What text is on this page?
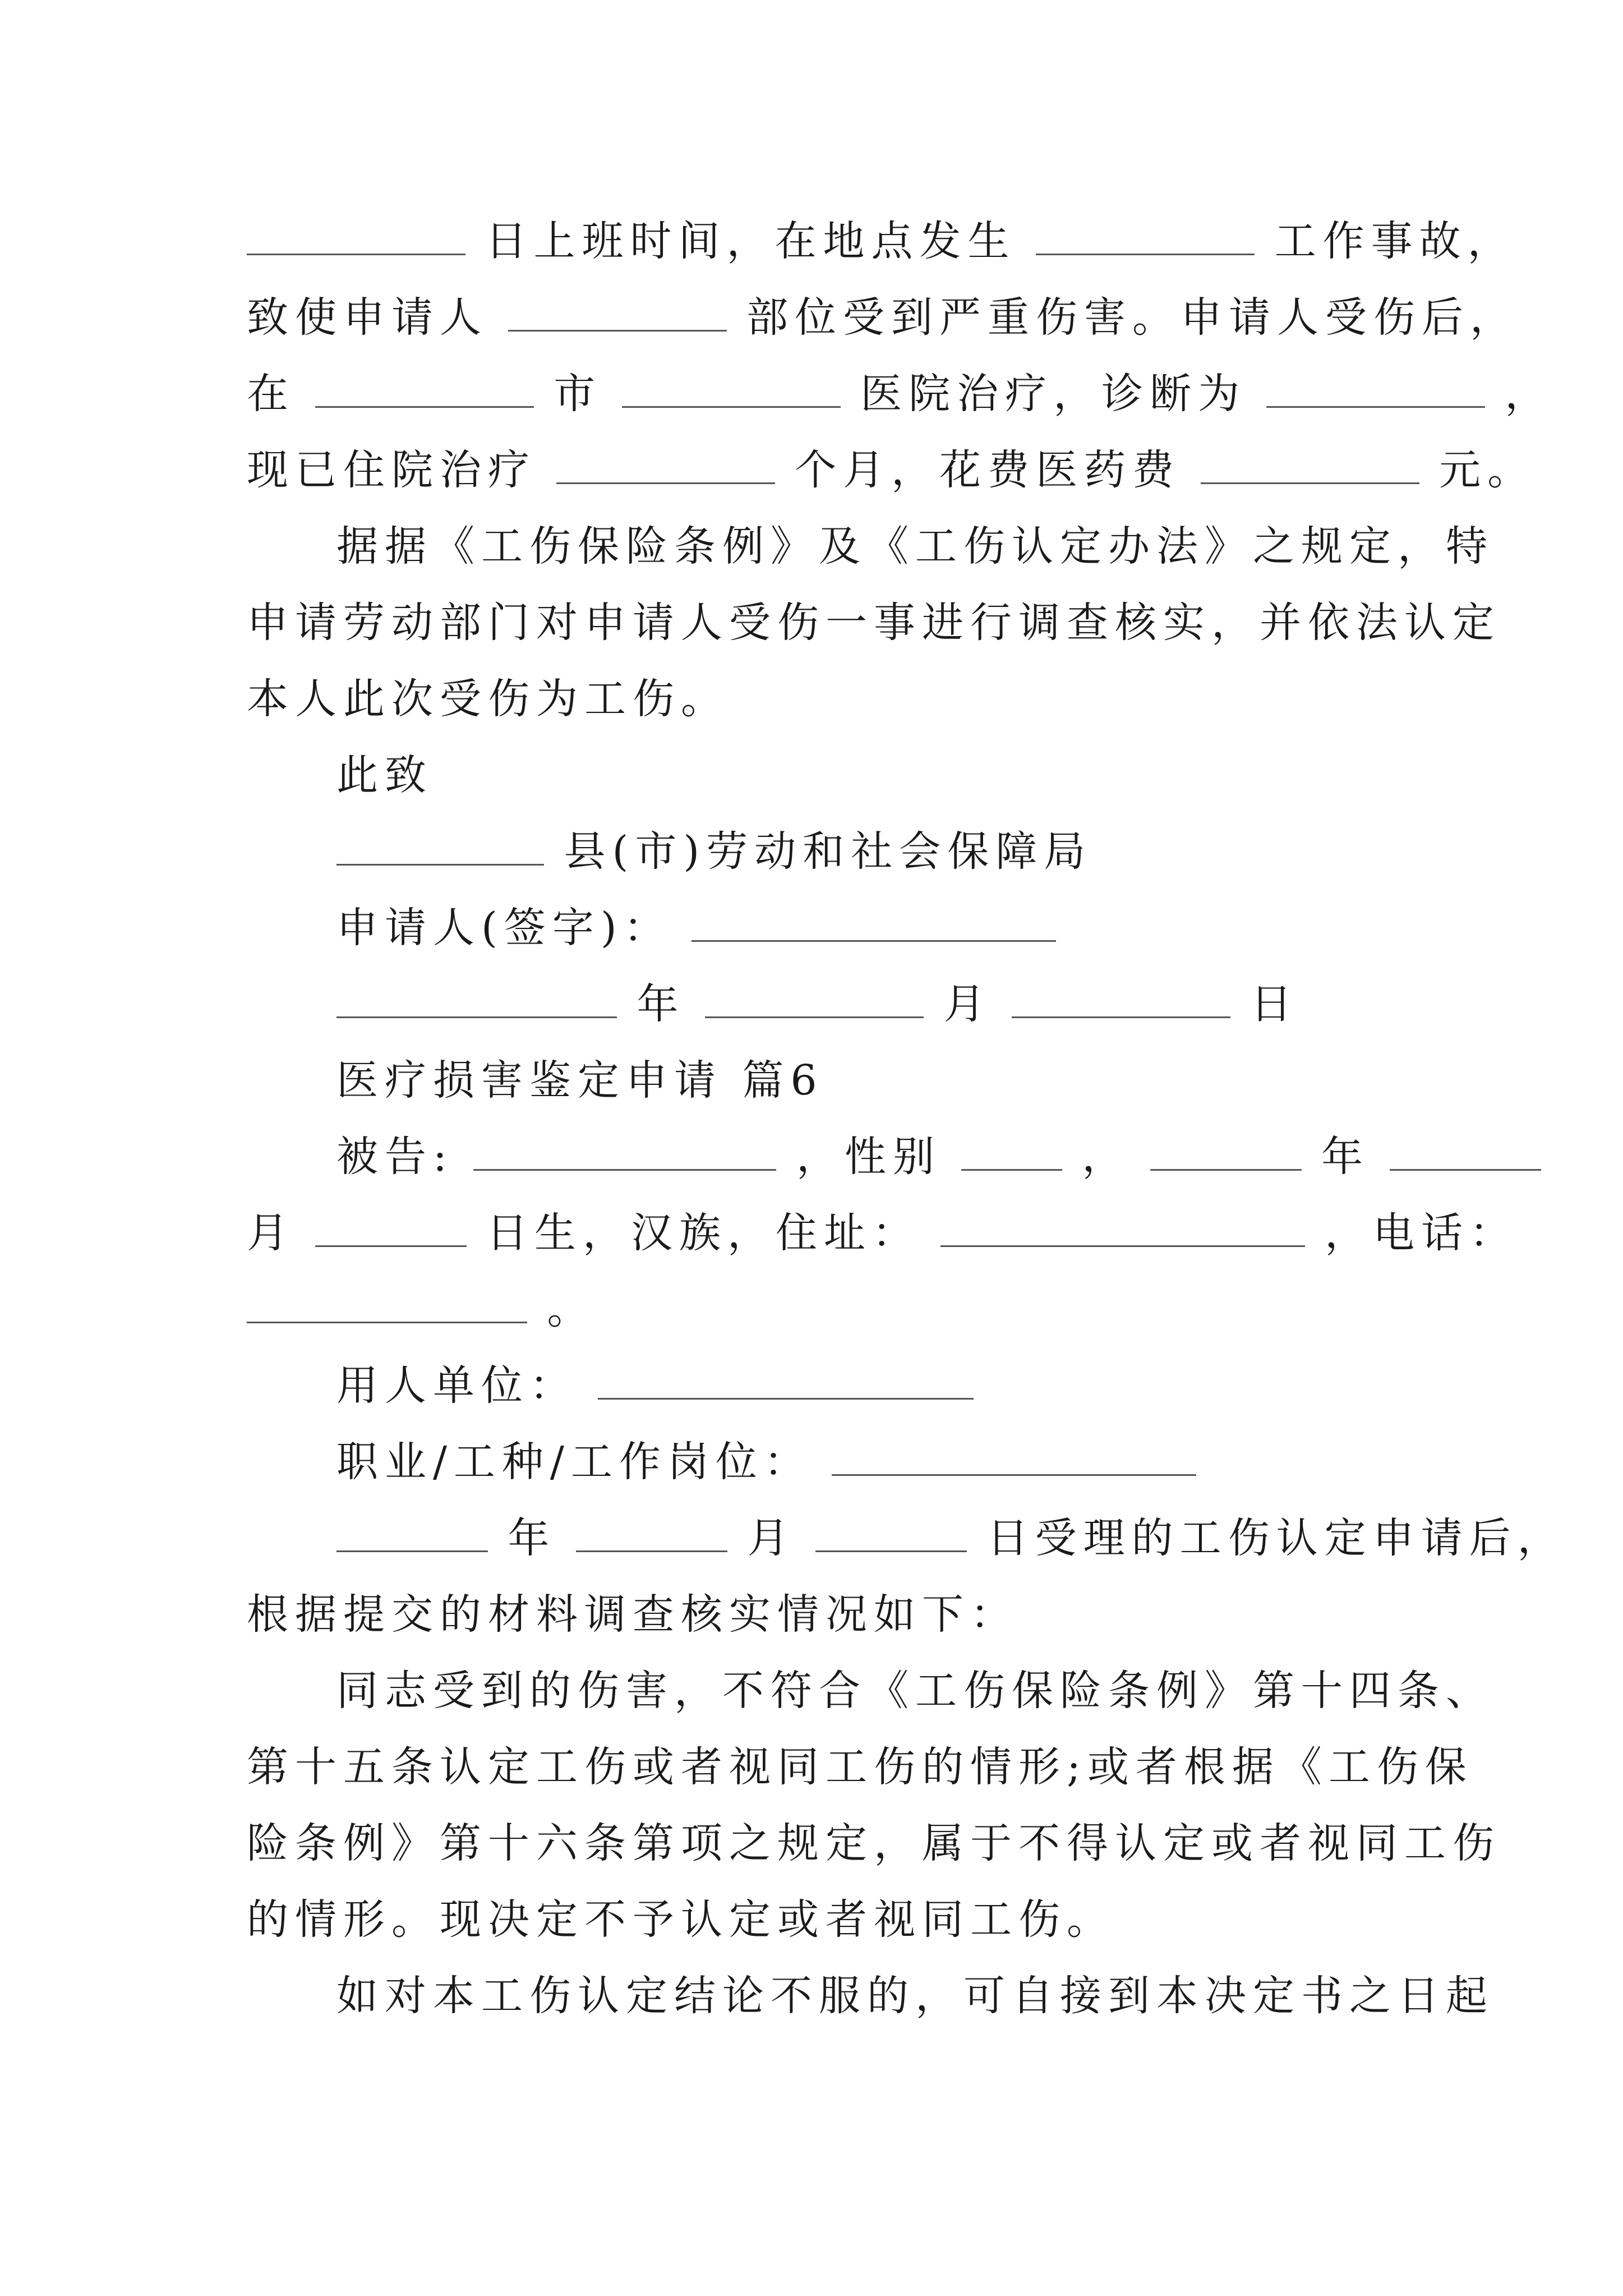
日上班时间，在地点发生	工作事故，
致使申请人	部位受到严重伤害。申请人受伤后，
在	市	医院治疗，诊断为	，
现已住院治疗	个月，花费医药费	元。
据据《工伤保险条例》及《工伤认定办法》之规定，特
申请劳动部门对申请人受伤一事进行调查核实，并依法认定
本人此次受伤为工伤。
此致
县(市)劳动和社会保障局
申请人(签字)：
年	月	日
医疗损害鉴定申请 篇6
被告:	，性别	，	年
月	日生，汉族，住址：	，电话：
。
用人单位：
职业/工种/工作岗位：
年	月	日受理的工伤认定申请后，
根据提交的材料调查核实情况如下：
同志受到的伤害，不符合《工伤保险条例》第十四条、
第十五条认定工伤或者视同工伤的情形;或者根据《工伤保
险条例》第十六条第项之规定，属于不得认定或者视同工伤
的情形。现决定不予认定或者视同工伤。
如对本工伤认定结论不服的，可自接到本决定书之日起
